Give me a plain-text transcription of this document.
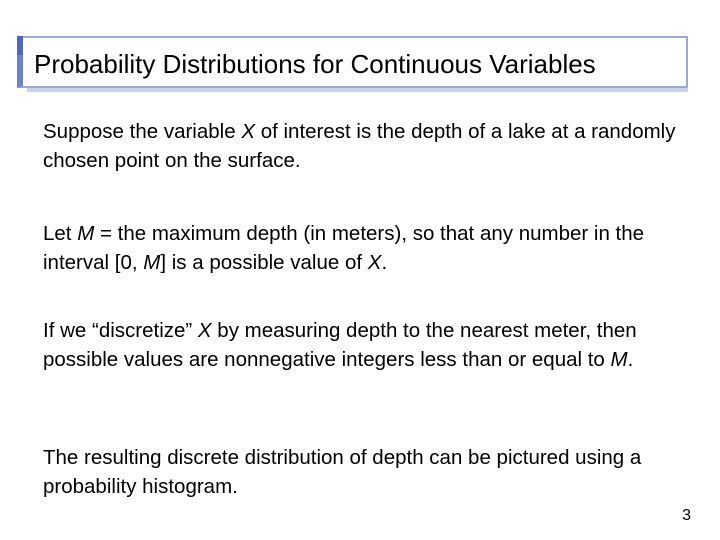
Probability Distributions for Continuous Variables

Suppose the variable X of interest is the depth of a lake at a randomly chosen point on the surface.

Let M = the maximum depth (in meters), so that any number in the interval [0, M] is a possible value of X.

If we “discretize” X by measuring depth to the nearest meter, then possible values are nonnegative integers less than or equal to M.

The resulting discrete distribution of depth can be pictured using a probability histogram.

3
